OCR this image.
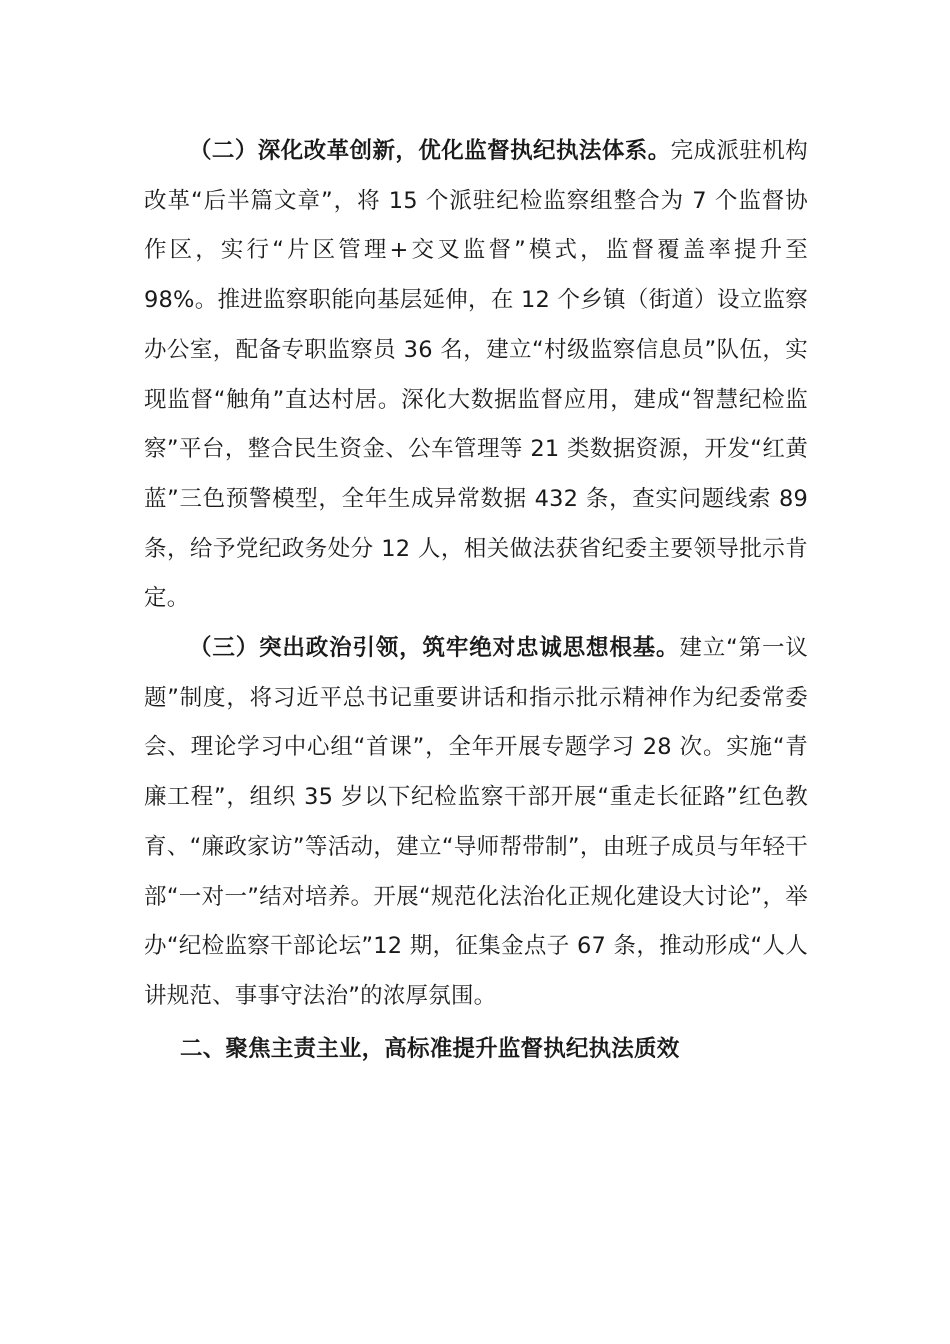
（二）深化改革创新，优化监督执纪执法体系。完成派驻机构改革“后半篇文章”，将 15 个派驻纪检监察组整合为 7 个监督协作区，实行“片区管理+交叉监督”模式，监督覆盖率提升至 98%。推进监察职能向基层延伸，在 12 个乡镇（街道）设立监察办公室，配备专职监察员 36 名，建立“村级监察信息员”队伍，实现监督“触角”直达村居。深化大数据监督应用，建成“智慧纪检监察”平台，整合民生资金、公车管理等 21 类数据资源，开发“红黄蓝”三色预警模型，全年生成异常数据 432 条，查实问题线索 89 条，给予党纪政务处分 12 人，相关做法获省纪委主要领导批示肯定。

（三）突出政治引领，筑牢绝对忠诚思想根基。建立“第一议题”制度，将习近平总书记重要讲话和指示批示精神作为纪委常委会、理论学习中心组“首课”，全年开展专题学习 28 次。实施“青廉工程”，组织 35 岁以下纪检监察干部开展“重走长征路”红色教育、“廉政家访”等活动，建立“导师帮带制”，由班子成员与年轻干部“一对一”结对培养。开展“规范化法治化正规化建设大讨论”，举办“纪检监察干部论坛”12 期，征集金点子 67 条，推动形成“人人讲规范、事事守法治”的浓厚氛围。

二、聚焦主责主业，高标准提升监督执纪执法质效
